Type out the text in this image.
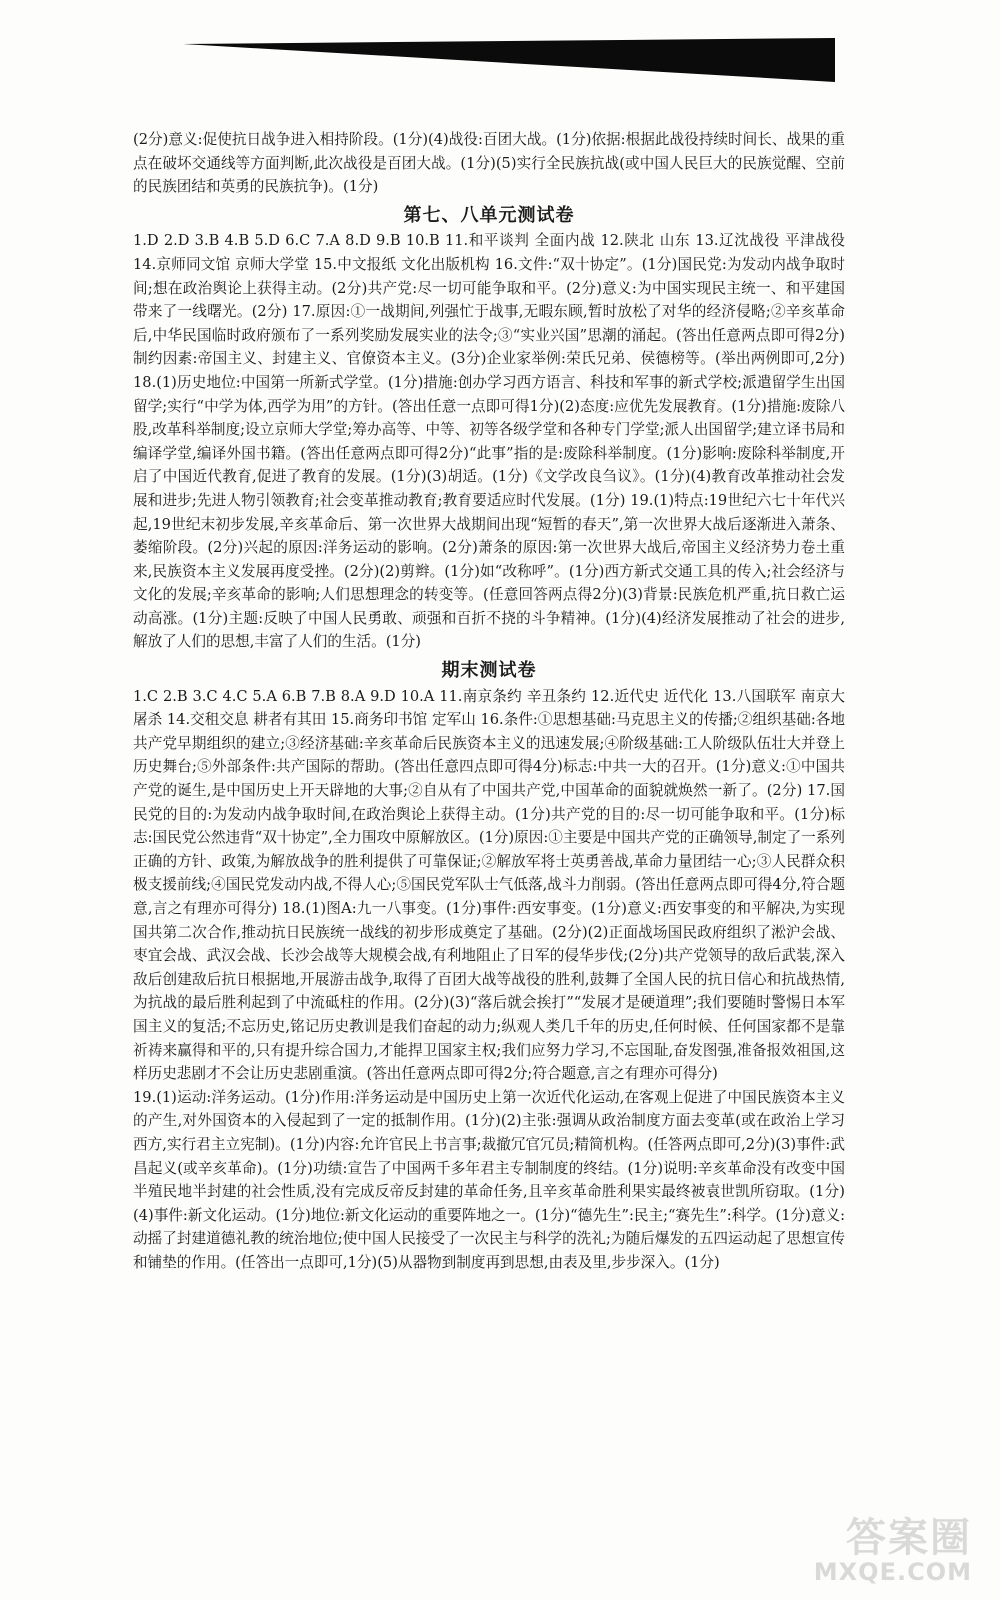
(2分)意义:促使抗日战争进入相持阶段。(1分)(4)战役:百团大战。(1分)依据:根据此战役持续时间长、战果的重点在破坏交通线等方面判断,此次战役是百团大战。(1分)(5)实行全民族抗战(或中国人民巨大的民族觉醒、空前的民族团结和英勇的民族抗争)。(1分)

第七、八单元测试卷

1.D 2.D 3.B 4.B 5.D 6.C 7.A 8.D 9.B 10.B 11.和平谈判 全面内战 12.陕北 山东 13.辽沈战役 平津战役 14.京师同文馆 京师大学堂 15.中文报纸 文化出版机构 16.文件:“双十协定”。(1分)国民党:为发动内战争取时间;想在政治舆论上获得主动。(2分)共产党:尽一切可能争取和平。(2分)意义:为中国实现民主统一、和平建国带来了一线曙光。(2分) 17.原因:①一战期间,列强忙于战事,无暇东顾,暂时放松了对华的经济侵略;②辛亥革命后,中华民国临时政府颁布了一系列奖励发展实业的法令;③“实业兴国”思潮的涌起。(答出任意两点即可得2分)制约因素:帝国主义、封建主义、官僚资本主义。(3分)企业家举例:荣氏兄弟、侯德榜等。(举出两例即可,2分) 18.(1)历史地位:中国第一所新式学堂。(1分)措施:创办学习西方语言、科技和军事的新式学校;派遣留学生出国留学;实行“中学为体,西学为用”的方针。(答出任意一点即可得1分)(2)态度:应优先发展教育。(1分)措施:废除八股,改革科举制度;设立京师大学堂;筹办高等、中等、初等各级学堂和各种专门学堂;派人出国留学;建立译书局和编译学堂,编译外国书籍。(答出任意两点即可得2分)“此事”指的是:废除科举制度。(1分)影响:废除科举制度,开启了中国近代教育,促进了教育的发展。(1分)(3)胡适。(1分)《文学改良刍议》。(1分)(4)教育改革推动社会发展和进步;先进人物引领教育;社会变革推动教育;教育要适应时代发展。(1分) 19.(1)特点:19世纪六七十年代兴起,19世纪末初步发展,辛亥革命后、第一次世界大战期间出现“短暂的春天”,第一次世界大战后逐渐进入萧条、萎缩阶段。(2分)兴起的原因:洋务运动的影响。(2分)萧条的原因:第一次世界大战后,帝国主义经济势力卷土重来,民族资本主义发展再度受挫。(2分)(2)剪辫。(1分)如“改称呼”。(1分)西方新式交通工具的传入;社会经济与文化的发展;辛亥革命的影响;人们思想理念的转变等。(任意回答两点得2分)(3)背景:民族危机严重,抗日救亡运动高涨。(1分)主题:反映了中国人民勇敢、顽强和百折不挠的斗争精神。(1分)(4)经济发展推动了社会的进步,解放了人们的思想,丰富了人们的生活。(1分)

期末测试卷

1.C 2.B 3.C 4.C 5.A 6.B 7.B 8.A 9.D 10.A 11.南京条约 辛丑条约 12.近代史 近代化 13.八国联军 南京大屠杀 14.交租交息 耕者有其田 15.商务印书馆 定军山 16.条件:①思想基础:马克思主义的传播;②组织基础:各地共产党早期组织的建立;③经济基础:辛亥革命后民族资本主义的迅速发展;④阶级基础:工人阶级队伍壮大并登上历史舞台;⑤外部条件:共产国际的帮助。(答出任意四点即可得4分)标志:中共一大的召开。(1分)意义:①中国共产党的诞生,是中国历史上开天辟地的大事;②自从有了中国共产党,中国革命的面貌就焕然一新了。(2分) 17.国民党的目的:为发动内战争取时间,在政治舆论上获得主动。(1分)共产党的目的:尽一切可能争取和平。(1分)标志:国民党公然违背“双十协定”,全力围攻中原解放区。(1分)原因:①主要是中国共产党的正确领导,制定了一系列正确的方针、政策,为解放战争的胜利提供了可靠保证;②解放军将士英勇善战,革命力量团结一心;③人民群众积极支援前线;④国民党发动内战,不得人心;⑤国民党军队士气低落,战斗力削弱。(答出任意两点即可得4分,符合题意,言之有理亦可得分) 18.(1)图A:九一八事变。(1分)事件:西安事变。(1分)意义:西安事变的和平解决,为实现国共第二次合作,推动抗日民族统一战线的初步形成奠定了基础。(2分)(2)正面战场国民政府组织了淞沪会战、枣宜会战、武汉会战、长沙会战等大规模会战,有利地阻止了日军的侵华步伐;(2分)共产党领导的敌后武装,深入敌后创建敌后抗日根据地,开展游击战争,取得了百团大战等战役的胜利,鼓舞了全国人民的抗日信心和抗战热情,为抗战的最后胜利起到了中流砥柱的作用。(2分)(3)“落后就会挨打”“发展才是硬道理”;我们要随时警惕日本军国主义的复活;不忘历史,铭记历史教训是我们奋起的动力;纵观人类几千年的历史,任何时候、任何国家都不是靠祈祷来赢得和平的,只有提升综合国力,才能捍卫国家主权;我们应努力学习,不忘国耻,奋发图强,准备报效祖国,这样历史悲剧才不会让历史悲剧重演。(答出任意两点即可得2分;符合题意,言之有理亦可得分)

19.(1)运动:洋务运动。(1分)作用:洋务运动是中国历史上第一次近代化运动,在客观上促进了中国民族资本主义的产生,对外国资本的入侵起到了一定的抵制作用。(1分)(2)主张:强调从政治制度方面去变革(或在政治上学习西方,实行君主立宪制)。(1分)内容:允许官民上书言事;裁撤冗官冗员;精简机构。(任答两点即可,2分)(3)事件:武昌起义(或辛亥革命)。(1分)功绩:宣告了中国两千多年君主专制制度的终结。(1分)说明:辛亥革命没有改变中国半殖民地半封建的社会性质,没有完成反帝反封建的革命任务,且辛亥革命胜利果实最终被袁世凯所窃取。(1分)(4)事件:新文化运动。(1分)地位:新文化运动的重要阵地之一。(1分)“德先生”:民主;“赛先生”:科学。(1分)意义:动摇了封建道德礼教的统治地位;使中国人民接受了一次民主与科学的洗礼;为随后爆发的五四运动起了思想宣传和铺垫的作用。(任答出一点即可,1分)(5)从器物到制度再到思想,由表及里,步步深入。(1分)

答案圈
MXQE.COM
